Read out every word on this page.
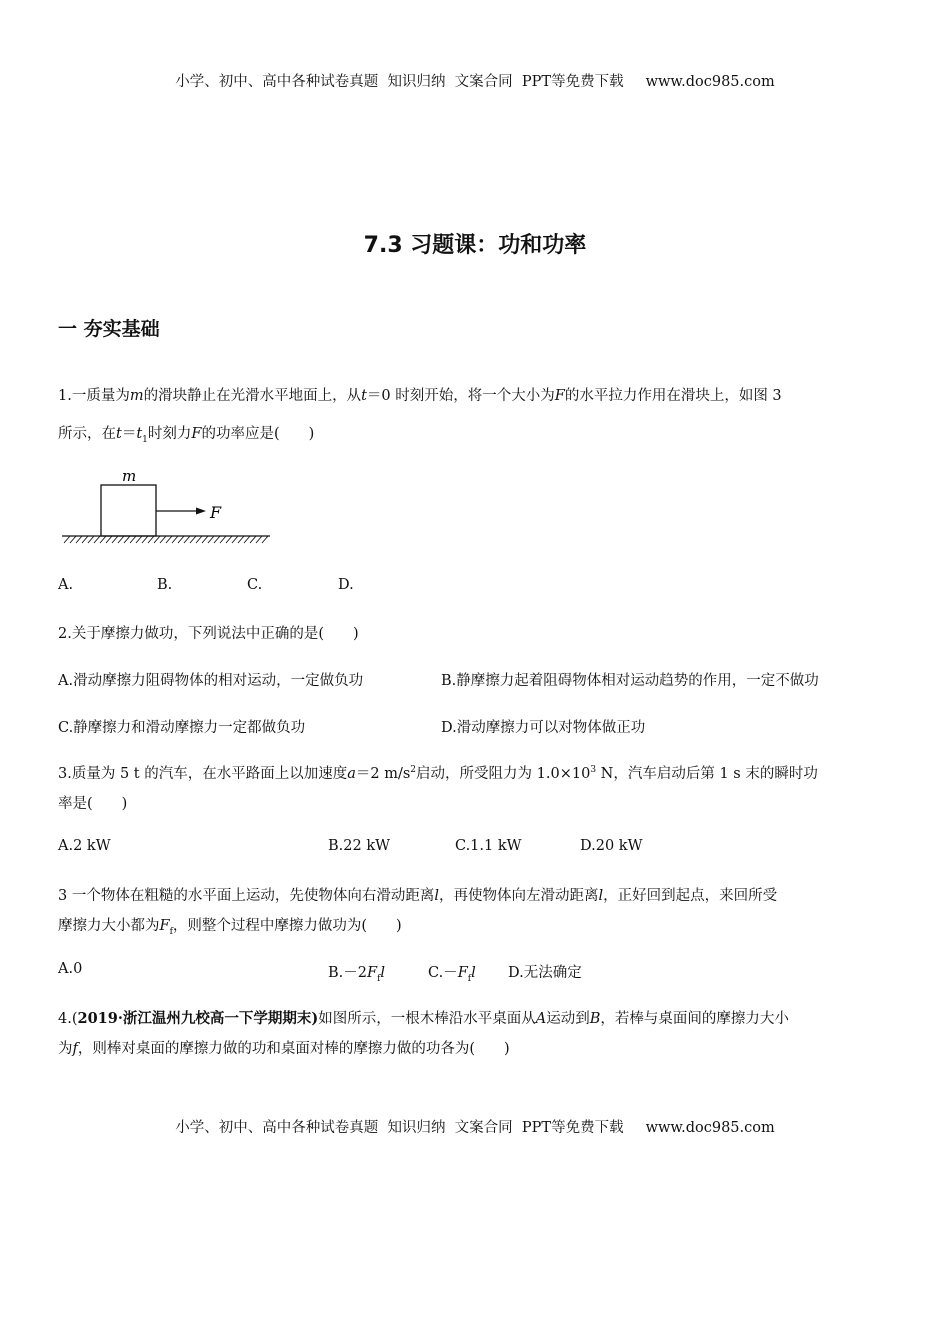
小学、初中、高中各种试卷真题  知识归纳  文案合同  PPT等免费下载 www.doc985.com
7.3 习题课：功和功率
一 夯实基础
1.一质量为m的滑块静止在光滑水平地面上，从t＝0 时刻开始，将一个大小为F的水平拉力作用在滑块上，如图 3
所示，在$t=t_1$时刻力F的功率应是(　　)
m
F
A.	B.	C.	D.
2.关于摩擦力做功，下列说法中正确的是(　　)
A.滑动摩擦力阻碍物体的相对运动，一定做负功	B.静摩擦力起着阻碍物体相对运动趋势的作用，一定不做功
C.静摩擦力和滑动摩擦力一定都做负功	D.滑动摩擦力可以对物体做正功
3.质量为 5 t 的汽车，在水平路面上以加速度a＝2 $m/s^2$启动，所受阻力为 $1.0\times 10^3$ N，汽车启动后第 1 s 末的瞬时功
率是(　　)
A.2 kW	B.22 kW	C.1.1 kW	D.20 kW
3 一个物体在粗糙的水平面上运动，先使物体向右滑动距离l，再使物体向左滑动距离l，正好回到起点，来回所受
摩擦力大小都为$F_f$，则整个过程中摩擦力做功为(　　)
A.0	$B.-2F_fl$	$C.-F_fl$ D.无法确定
4.(2019·浙江温州九校高一下学期期末)如图所示，一根木棒沿水平桌面从A运动到B，若棒与桌面间的摩擦力大小
为f，则棒对桌面的摩擦力做的功和桌面对棒的摩擦力做的功各为(　　)
小学、初中、高中各种试卷真题  知识归纳  文案合同  PPT等免费下载 www.doc985.com
